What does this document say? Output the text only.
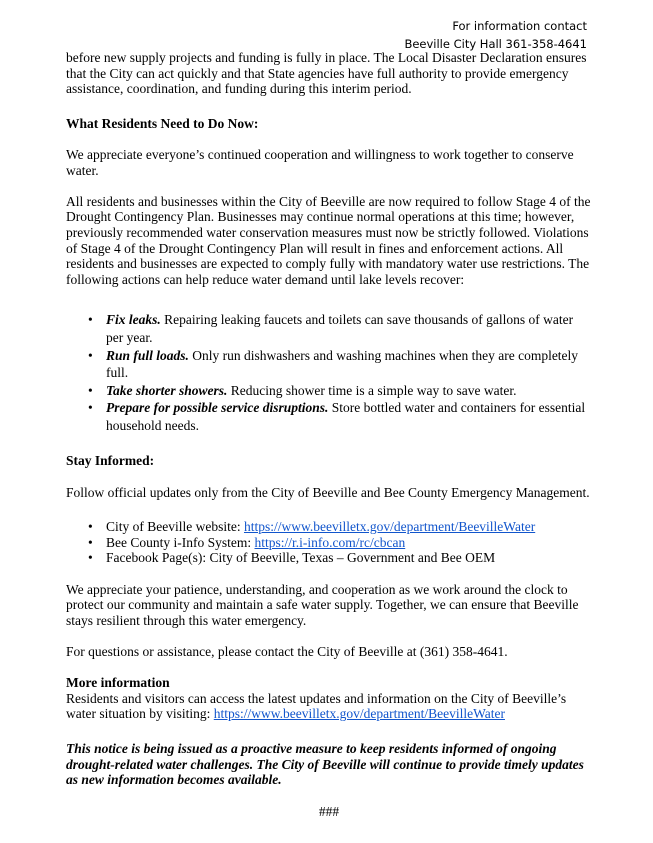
For information contact
Beeville City Hall 361-358-4641

before new supply projects and funding is fully in place. The Local Disaster Declaration ensures that the City can act quickly and that State agencies have full authority to provide emergency assistance, coordination, and funding during this interim period.

What Residents Need to Do Now:

We appreciate everyone’s continued cooperation and willingness to work together to conserve water.

All residents and businesses within the City of Beeville are now required to follow Stage 4 of the Drought Contingency Plan. Businesses may continue normal operations at this time; however, previously recommended water conservation measures must now be strictly followed. Violations of Stage 4 of the Drought Contingency Plan will result in fines and enforcement actions. All residents and businesses are expected to comply fully with mandatory water use restrictions. The following actions can help reduce water demand until lake levels recover:

• Fix leaks. Repairing leaking faucets and toilets can save thousands of gallons of water per year.
• Run full loads. Only run dishwashers and washing machines when they are completely full.
• Take shorter showers. Reducing shower time is a simple way to save water.
• Prepare for possible service disruptions. Store bottled water and containers for essential household needs.

Stay Informed:

Follow official updates only from the City of Beeville and Bee County Emergency Management.

• City of Beeville website: https://www.beevilletx.gov/department/BeevilleWater
• Bee County i-Info System: https://r.i-info.com/rc/cbcan
• Facebook Page(s): City of Beeville, Texas – Government and Bee OEM

We appreciate your patience, understanding, and cooperation as we work around the clock to protect our community and maintain a safe water supply. Together, we can ensure that Beeville stays resilient through this water emergency.

For questions or assistance, please contact the City of Beeville at (361) 358-4641.

More information

Residents and visitors can access the latest updates and information on the City of Beeville’s water situation by visiting: https://www.beevilletx.gov/department/BeevilleWater

This notice is being issued as a proactive measure to keep residents informed of ongoing drought-related water challenges. The City of Beeville will continue to provide timely updates as new information becomes available.

###
